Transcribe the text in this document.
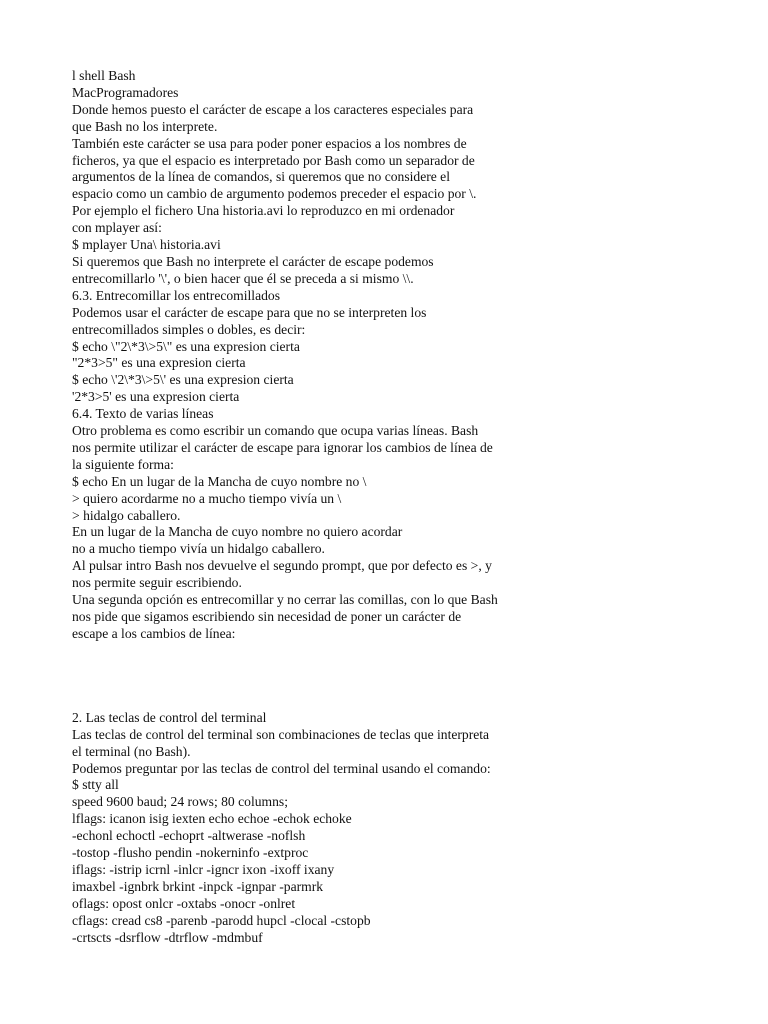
l shell Bash
MacProgramadores
Donde hemos puesto el carácter de escape a los caracteres especiales para
que Bash no los interprete.
También este carácter se usa para poder poner espacios a los nombres de
ficheros, ya que el espacio es interpretado por Bash como un separador de
argumentos de la línea de comandos, si queremos que no considere el
espacio como un cambio de argumento podemos preceder el espacio por \.
Por ejemplo el fichero Una historia.avi lo reproduzco en mi ordenador
con mplayer así:
$ mplayer Una\ historia.avi
Si queremos que Bash no interprete el carácter de escape podemos
entrecomillarlo '\', o bien hacer que él se preceda a si mismo \\.
6.3. Entrecomillar los entrecomillados
Podemos usar el carácter de escape para que no se interpreten los
entrecomillados simples o dobles, es decir:
$ echo \"2\*3\>5\" es una expresion cierta
"2*3>5" es una expresion cierta
$ echo \'2\*3\>5\' es una expresion cierta
'2*3>5' es una expresion cierta
6.4. Texto de varias líneas
Otro problema es como escribir un comando que ocupa varias líneas. Bash
nos permite utilizar el carácter de escape para ignorar los cambios de línea de
la siguiente forma:
$ echo En un lugar de la Mancha de cuyo nombre no \
> quiero acordarme no a mucho tiempo vivía un \
> hidalgo caballero.
En un lugar de la Mancha de cuyo nombre no quiero acordar
no a mucho tiempo vivía un hidalgo caballero.
Al pulsar intro Bash nos devuelve el segundo prompt, que por defecto es >, y
nos permite seguir escribiendo.
Una segunda opción es entrecomillar y no cerrar las comillas, con lo que Bash
nos pide que sigamos escribiendo sin necesidad de poner un carácter de
escape a los cambios de línea:
2. Las teclas de control del terminal
Las teclas de control del terminal son combinaciones de teclas que interpreta
el terminal (no Bash).
Podemos preguntar por las teclas de control del terminal usando el comando:
$ stty all
speed 9600 baud; 24 rows; 80 columns;
lflags: icanon isig iexten echo echoe -echok echoke
-echonl echoctl -echoprt -altwerase -noflsh
-tostop -flusho pendin -nokerninfo -extproc
iflags: -istrip icrnl -inlcr -igncr ixon -ixoff ixany
imaxbel -ignbrk brkint -inpck -ignpar -parmrk
oflags: opost onlcr -oxtabs -onocr -onlret
cflags: cread cs8 -parenb -parodd hupcl -clocal -cstopb
-crtscts -dsrflow -dtrflow -mdmbuf
